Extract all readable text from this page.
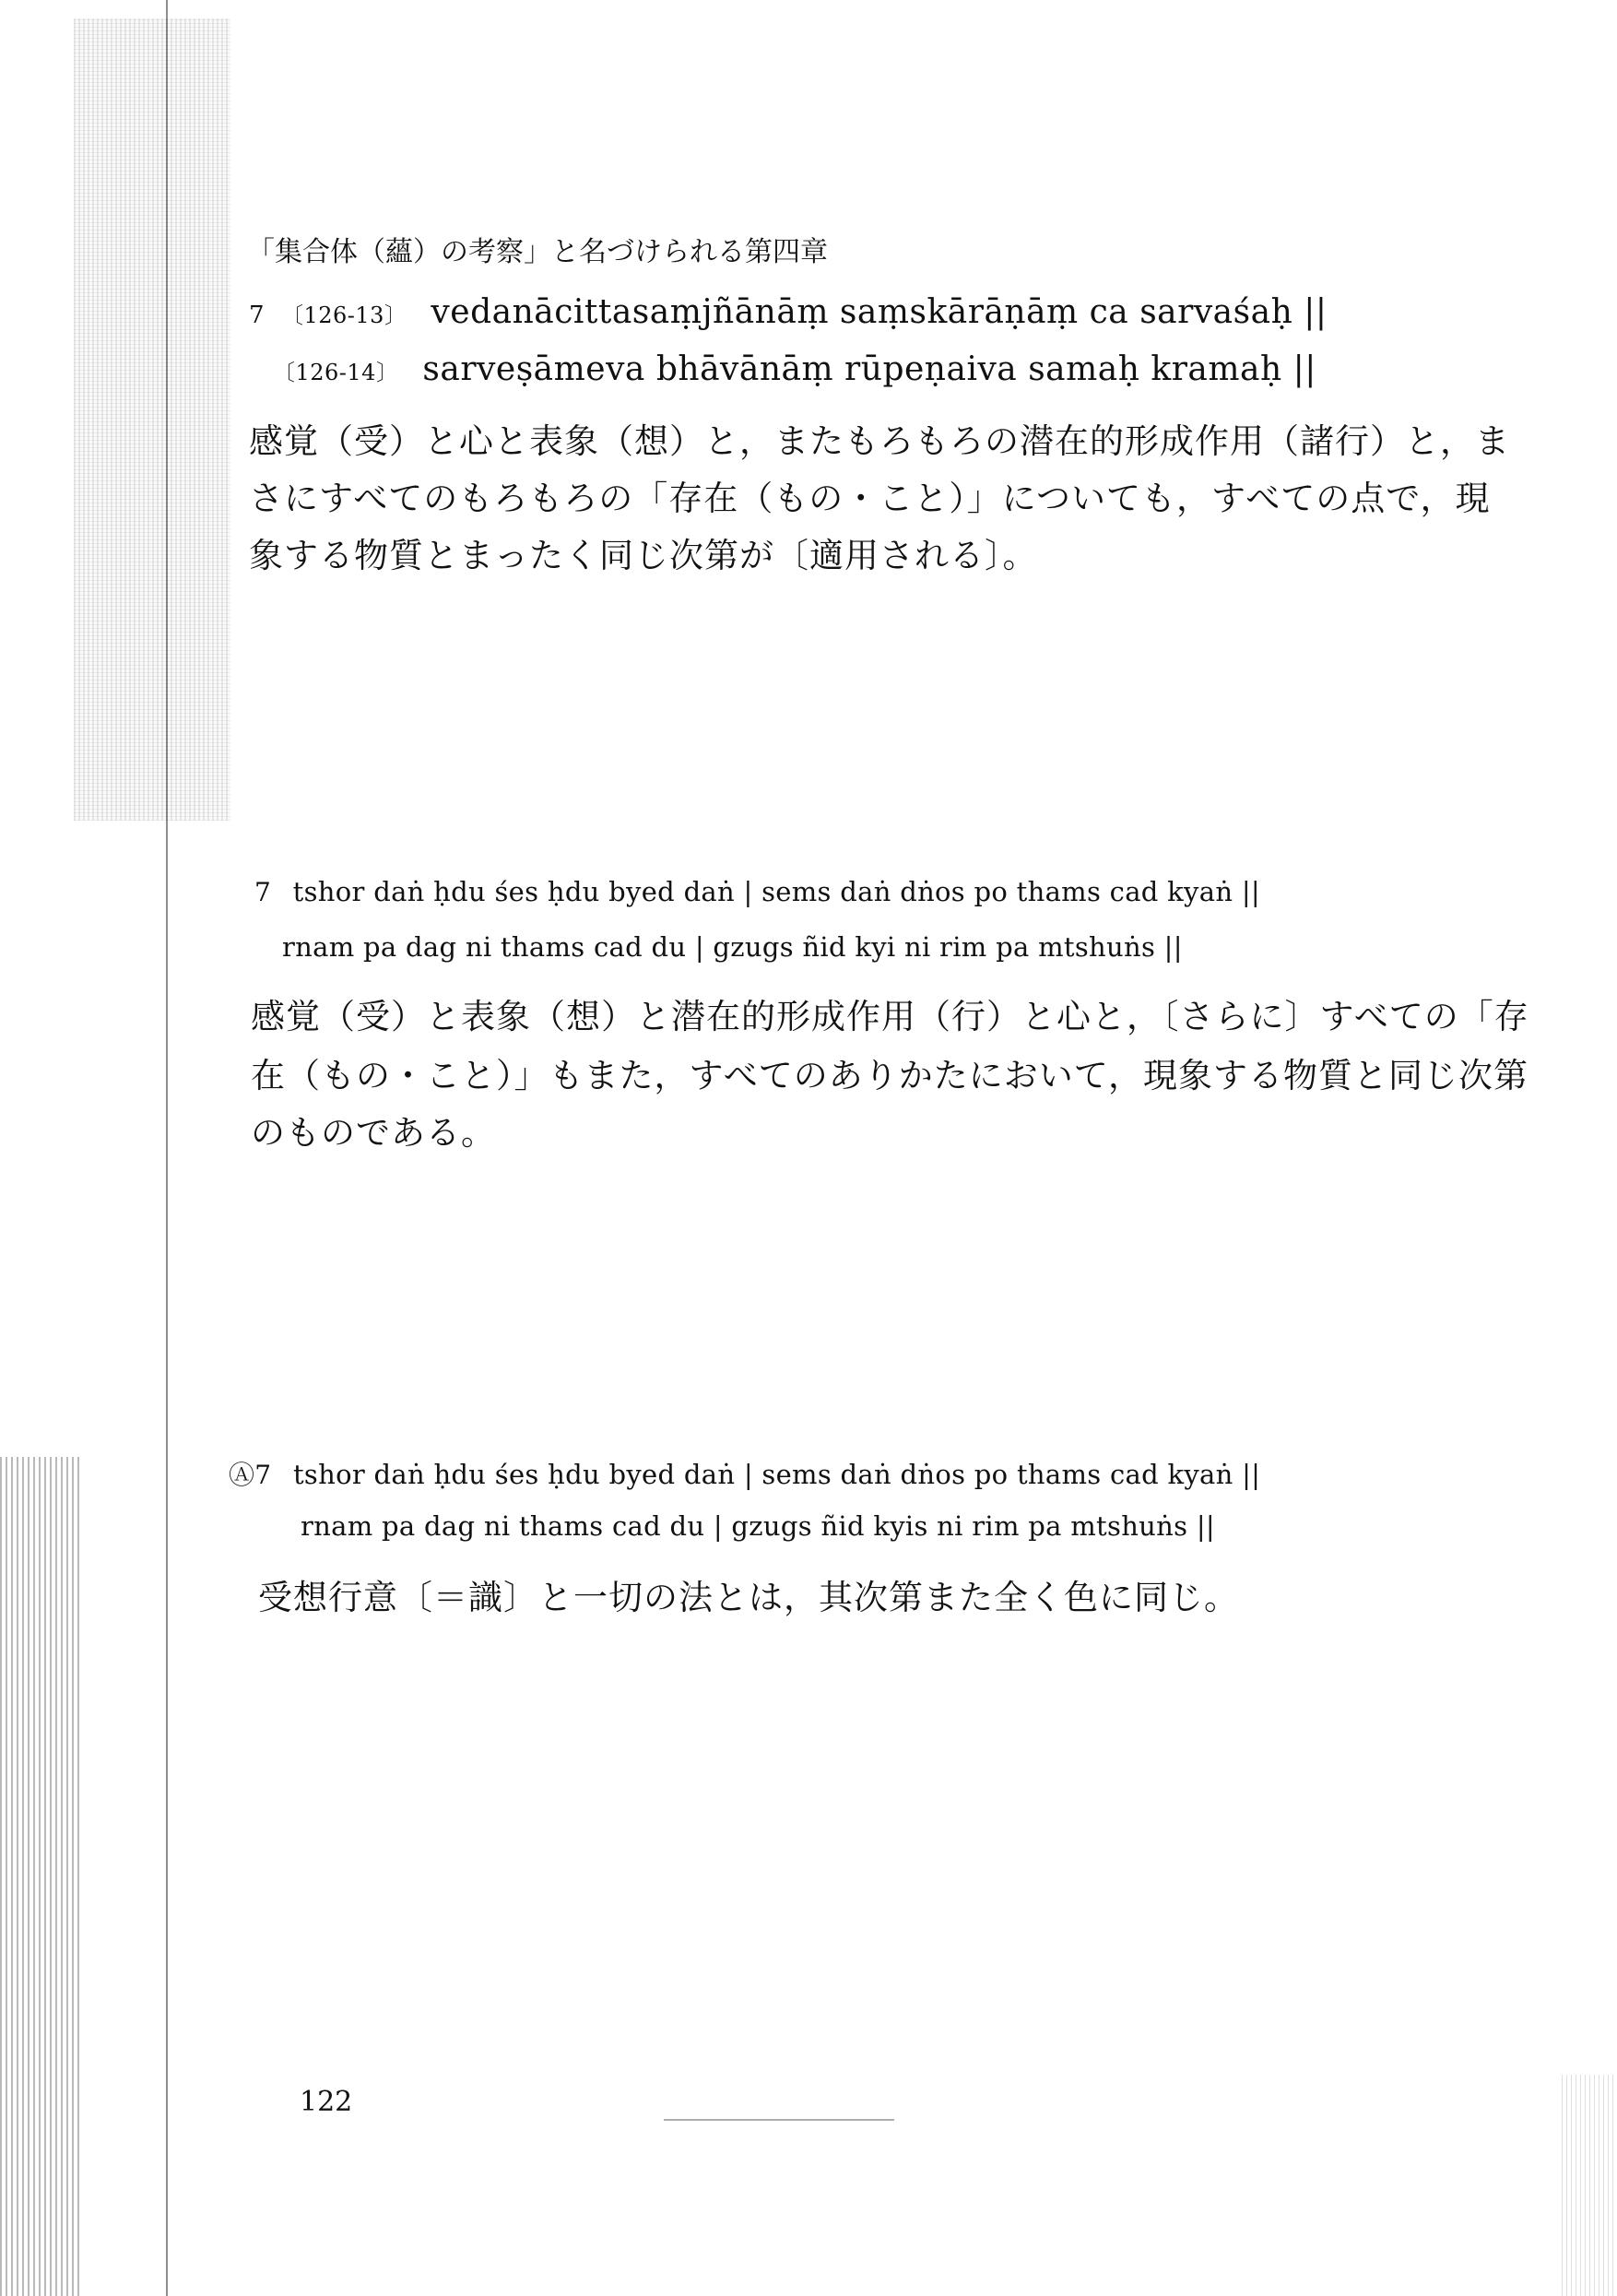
「集合体（蘊）の考察」と名づけられる第四章
7 〔126-13〕 vedanācittasaṃjñānāṃ saṃskārāṇāṃ ca sarvaśaḥ ||
〔126-14〕 sarveṣāmeva bhāvānāṃ rūpeṇaiva samaḥ kramaḥ ||
感覚（受）と心と表象（想）と，またもろもろの潜在的形成作用（諸行）と，ま
さにすべてのもろもろの「存在（もの・こと）」についても，すべての点で，現
象する物質とまったく同じ次第が〔適用される〕。
7 tshor daṅ ḥdu śes ḥdu byed daṅ | sems daṅ dṅos po thams cad kyaṅ ||
rnam pa dag ni thams cad du | gzugs ñid kyi ni rim pa mtshuṅs ||
感覚（受）と表象（想）と潜在的形成作用（行）と心と，〔さらに〕すべての「存
在（もの・こと）」もまた，すべてのありかたにおいて，現象する物質と同じ次第
のものである。
Ⓐ7 tshor daṅ ḥdu śes ḥdu byed daṅ | sems daṅ dṅos po thams cad kyaṅ ||
rnam pa dag ni thams cad du | gzugs ñid kyis ni rim pa mtshuṅs ||
受想行意〔＝識〕と一切の法とは，其次第また全く色に同じ。
122
